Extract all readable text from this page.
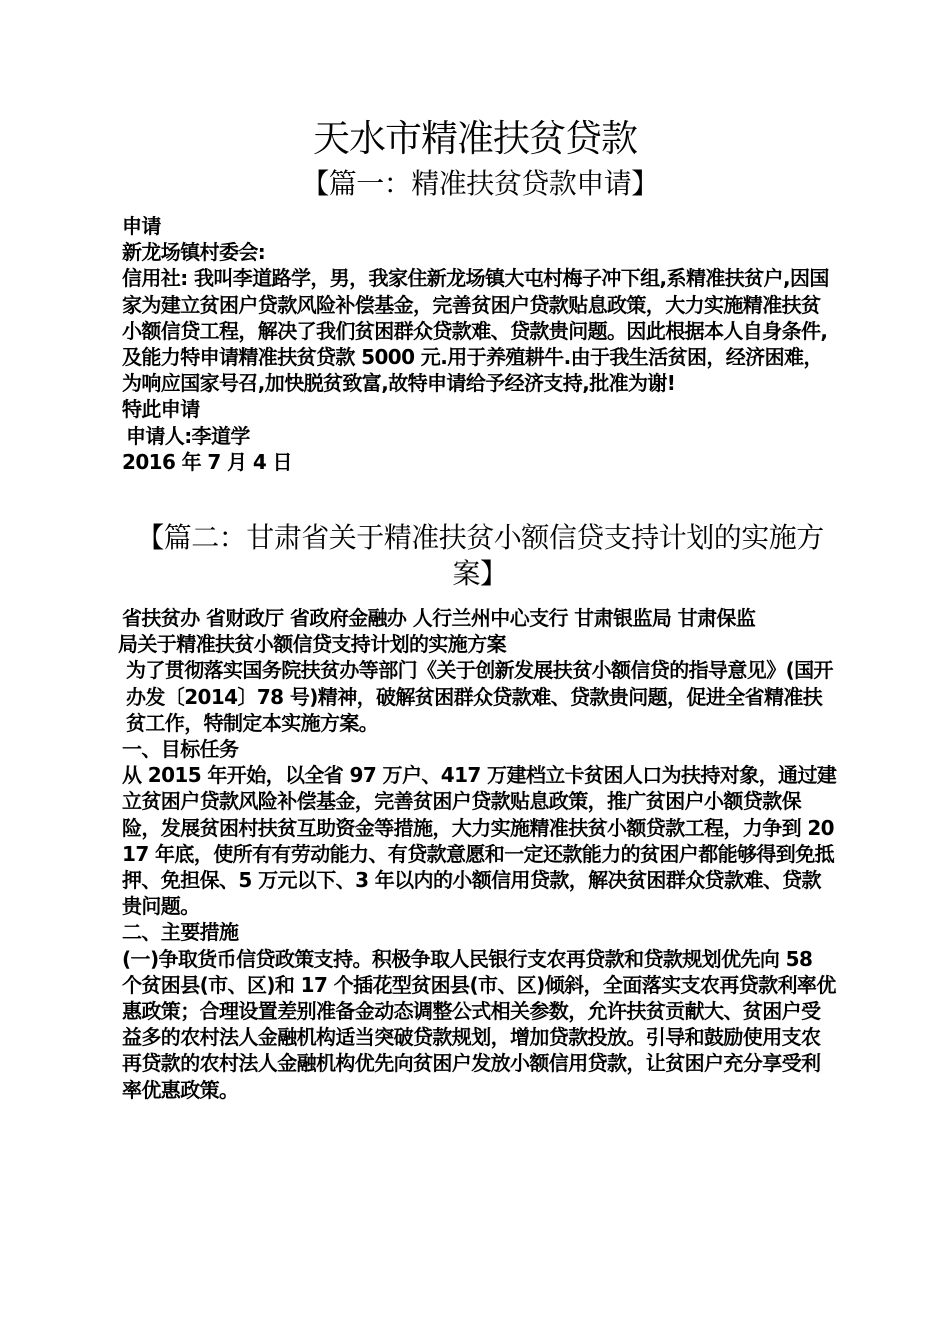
天水市精准扶贫贷款
【篇一：精准扶贫贷款申请】

申请

新龙场镇村委会:

信用社: 我叫李道路学，男，我家住新龙场镇大屯村梅子冲下组,系精准扶贫户,因国家为建立贫困户贷款风险补偿基金，完善贫困户贷款贴息政策，大力实施精准扶贫小额信贷工程，解决了我们贫困群众贷款难、贷款贵问题。因此根据本人自身条件,及能力特申请精准扶贫贷款 5000 元.用于养殖耕牛.由于我生活贫困，经济困难，为响应国家号召,加快脱贫致富,故特申请给予经济支持,批准为谢!

特此申请

申请人:李道学

2016 年 7 月 4 日

【篇二：甘肃省关于精准扶贫小额信贷支持计划的实施方案】

省扶贫办 省财政厅 省政府金融办 人行兰州中心支行 甘肃银监局 甘肃保监

局关于精准扶贫小额信贷支持计划的实施方案

为了贯彻落实国务院扶贫办等部门《关于创新发展扶贫小额信贷的指导意见》(国开办发〔2014〕78 号)精神，破解贫困群众贷款难、贷款贵问题，促进全省精准扶贫工作，特制定本实施方案。

一、目标任务

从 2015 年开始，以全省 97 万户、417 万建档立卡贫困人口为扶持对象，通过建立贫困户贷款风险补偿基金，完善贫困户贷款贴息政策，推广贫困户小额贷款保险，发展贫困村扶贫互助资金等措施，大力实施精准扶贫小额贷款工程，力争到 2017 年底，使所有有劳动能力、有贷款意愿和一定还款能力的贫困户都能够得到免抵押、免担保、5 万元以下、3 年以内的小额信用贷款，解决贫困群众贷款难、贷款贵问题。

二、主要措施

(一)争取货币信贷政策支持。积极争取人民银行支农再贷款和贷款规划优先向 58 个贫困县(市、区)和 17 个插花型贫困县(市、区)倾斜，全面落实支农再贷款利率优惠政策；合理设置差别准备金动态调整公式相关参数，允许扶贫贡献大、贫困户受益多的农村法人金融机构适当突破贷款规划，增加贷款投放。引导和鼓励使用支农再贷款的农村法人金融机构优先向贫困户发放小额信用贷款，让贫困户充分享受利率优惠政策。
